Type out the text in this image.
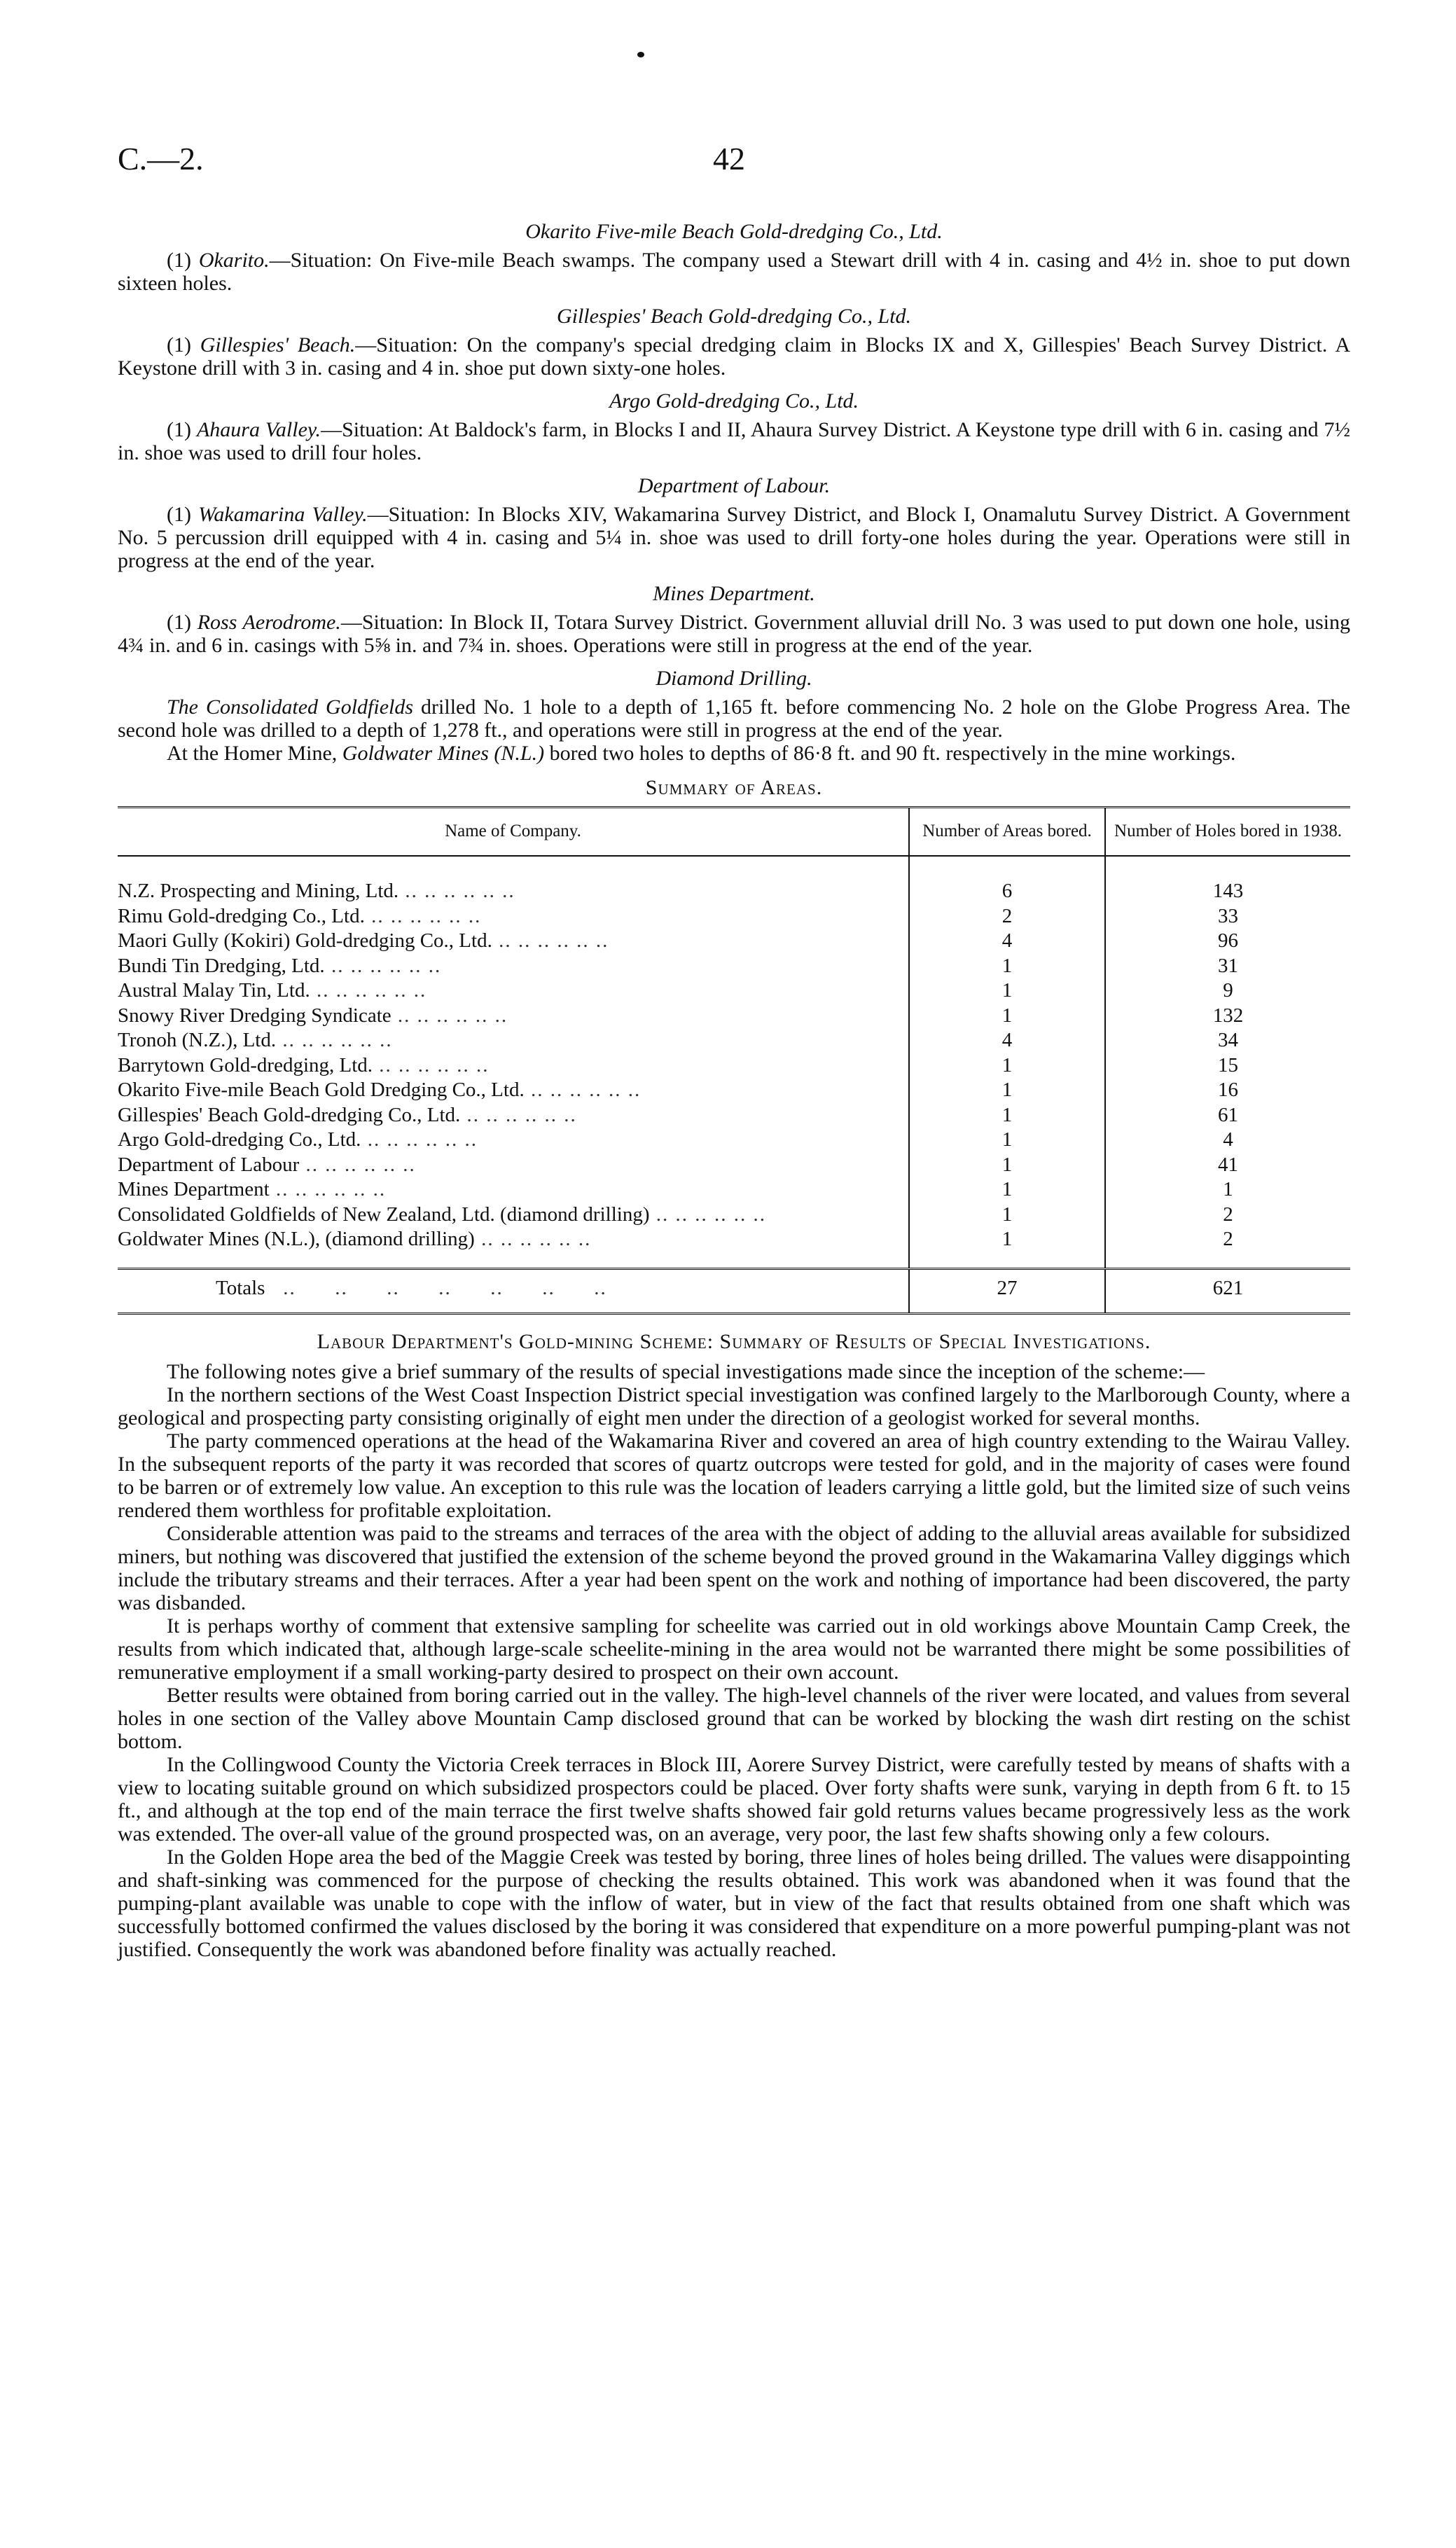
C.—2.	42
Okarito Five-mile Beach Gold-dredging Co., Ltd.

(1) Okarito.—Situation: On Five-mile Beach swamps. The company used a Stewart drill with 4 in. casing and 4½ in. shoe to put down sixteen holes.

Gillespies' Beach Gold-dredging Co., Ltd.

(1) Gillespies' Beach.—Situation: On the company's special dredging claim in Blocks IX and X, Gillespies' Beach Survey District. A Keystone drill with 3 in. casing and 4 in. shoe put down sixty-one holes.

Argo Gold-dredging Co., Ltd.

(1) Ahaura Valley.—Situation: At Baldock's farm, in Blocks I and II, Ahaura Survey District. A Keystone type drill with 6 in. casing and 7½ in. shoe was used to drill four holes.

Department of Labour.

(1) Wakamarina Valley.—Situation: In Blocks XIV, Wakamarina Survey District, and Block I, Onamalutu Survey District. A Government No. 5 percussion drill equipped with 4 in. casing and 5¼ in. shoe was used to drill forty-one holes during the year. Operations were still in progress at the end of the year.

Mines Department.

(1) Ross Aerodrome.—Situation: In Block II, Totara Survey District. Government alluvial drill No. 3 was used to put down one hole, using 4¾ in. and 6 in. casings with 5⅝ in. and 7¾ in. shoes. Operations were still in progress at the end of the year.

Diamond Drilling.

The Consolidated Goldfields drilled No. 1 hole to a depth of 1,165 ft. before commencing No. 2 hole on the Globe Progress Area. The second hole was drilled to a depth of 1,278 ft., and operations were still in progress at the end of the year.

At the Homer Mine, Goldwater Mines (N.L.) bored two holes to depths of 86·8 ft. and 90 ft. respectively in the mine workings.

Summary of Areas.
Name of Company.	Number of Areas bored.	Number of Holes bored in 1938.

N.Z. Prospecting and Mining, Ltd. .. .. .. .. .. ..	6	143
Rimu Gold-dredging Co., Ltd. .. .. .. .. .. ..	2	33
Maori Gully (Kokiri) Gold-dredging Co., Ltd. .. .. .. .. .. ..	4	96
Bundi Tin Dredging, Ltd. .. .. .. .. .. ..	1	31
Austral Malay Tin, Ltd. .. .. .. .. .. ..	1	9
Snowy River Dredging Syndicate .. .. .. .. .. ..	1	132
Tronoh (N.Z.), Ltd. .. .. .. .. .. ..	4	34
Barrytown Gold-dredging, Ltd. .. .. .. .. .. ..	1	15
Okarito Five-mile Beach Gold Dredging Co., Ltd. .. .. .. .. .. ..	1	16
Gillespies' Beach Gold-dredging Co., Ltd. .. .. .. .. .. ..	1	61
Argo Gold-dredging Co., Ltd. .. .. .. .. .. ..	1	4
Department of Labour .. .. .. .. .. ..	1	41
Mines Department .. .. .. .. .. ..	1	1
Consolidated Goldfields of New Zealand, Ltd. (diamond drilling) .. .. .. .. .. ..	1	2
Goldwater Mines (N.L.), (diamond drilling) .. .. .. .. .. ..	1	2

Totals   ..      ..      ..      ..      ..      ..      ..	27	621
Labour Department's Gold-mining Scheme: Summary of Results of Special Investigations.

The following notes give a brief summary of the results of special investigations made since the inception of the scheme:—

In the northern sections of the West Coast Inspection District special investigation was confined largely to the Marlborough County, where a geological and prospecting party consisting originally of eight men under the direction of a geologist worked for several months.

The party commenced operations at the head of the Wakamarina River and covered an area of high country extending to the Wairau Valley. In the subsequent reports of the party it was recorded that scores of quartz outcrops were tested for gold, and in the majority of cases were found to be barren or of extremely low value. An exception to this rule was the location of leaders carrying a little gold, but the limited size of such veins rendered them worthless for profitable exploitation.

Considerable attention was paid to the streams and terraces of the area with the object of adding to the alluvial areas available for subsidized miners, but nothing was discovered that justified the extension of the scheme beyond the proved ground in the Wakamarina Valley diggings which include the tributary streams and their terraces. After a year had been spent on the work and nothing of importance had been discovered, the party was disbanded.

It is perhaps worthy of comment that extensive sampling for scheelite was carried out in old workings above Mountain Camp Creek, the results from which indicated that, although large-scale scheelite-mining in the area would not be warranted there might be some possibilities of remunerative employment if a small working-party desired to prospect on their own account.

Better results were obtained from boring carried out in the valley. The high-level channels of the river were located, and values from several holes in one section of the Valley above Mountain Camp disclosed ground that can be worked by blocking the wash dirt resting on the schist bottom.

In the Collingwood County the Victoria Creek terraces in Block III, Aorere Survey District, were carefully tested by means of shafts with a view to locating suitable ground on which subsidized prospectors could be placed. Over forty shafts were sunk, varying in depth from 6 ft. to 15 ft., and although at the top end of the main terrace the first twelve shafts showed fair gold returns values became progressively less as the work was extended. The over-all value of the ground prospected was, on an average, very poor, the last few shafts showing only a few colours.

In the Golden Hope area the bed of the Maggie Creek was tested by boring, three lines of holes being drilled. The values were disappointing and shaft-sinking was commenced for the purpose of checking the results obtained. This work was abandoned when it was found that the pumping-plant available was unable to cope with the inflow of water, but in view of the fact that results obtained from one shaft which was successfully bottomed confirmed the values disclosed by the boring it was considered that expenditure on a more powerful pumping-plant was not justified. Consequently the work was abandoned before finality was actually reached.
